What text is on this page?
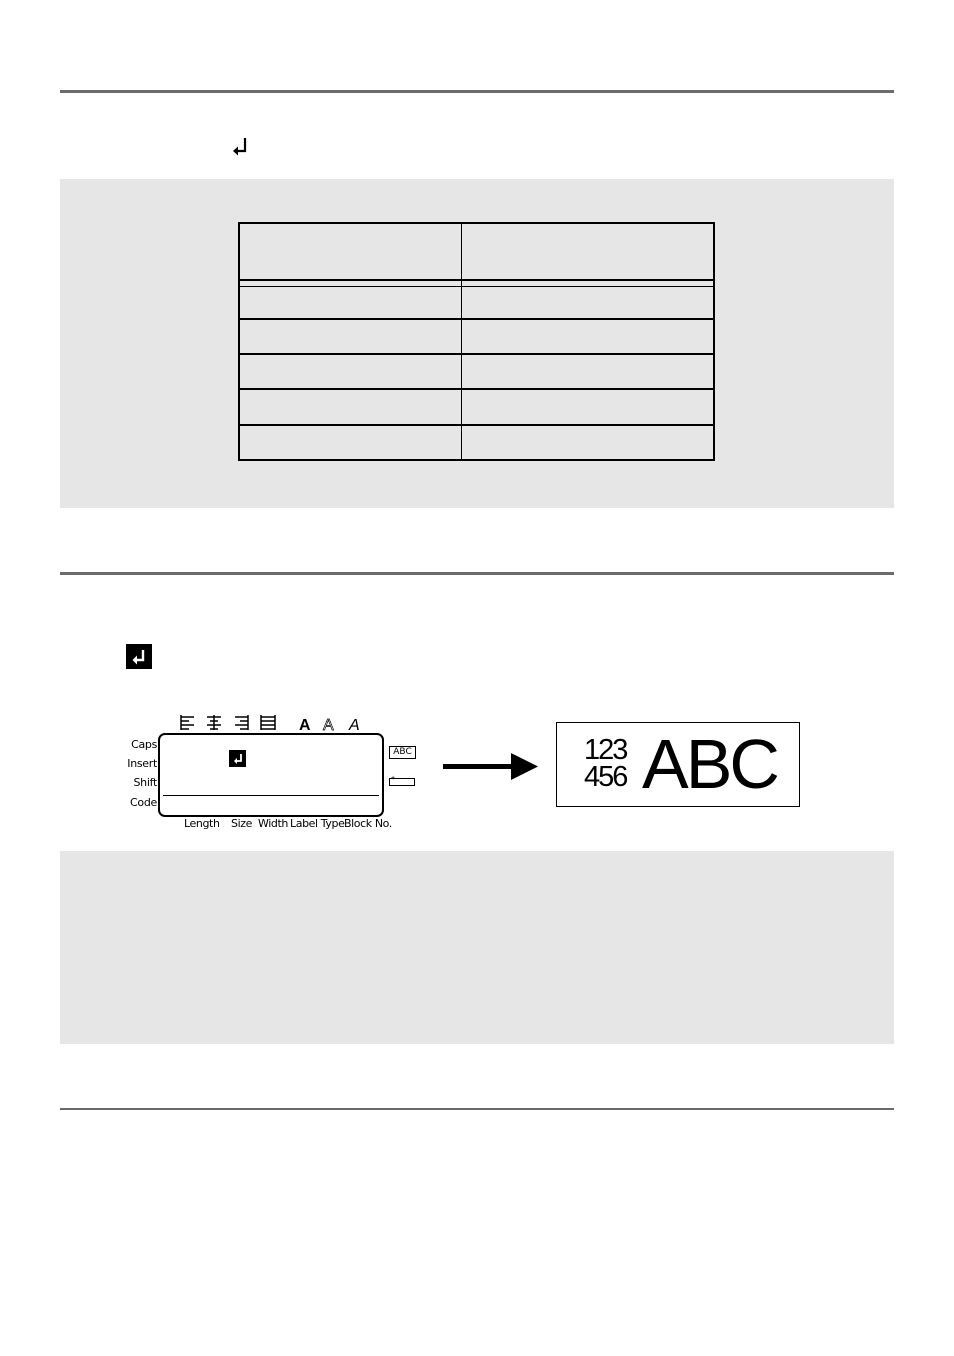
A A A
Caps
Insert
Shift
Code
ABC
+
Length Size Width Label Type Block No.
123
456 ABC
